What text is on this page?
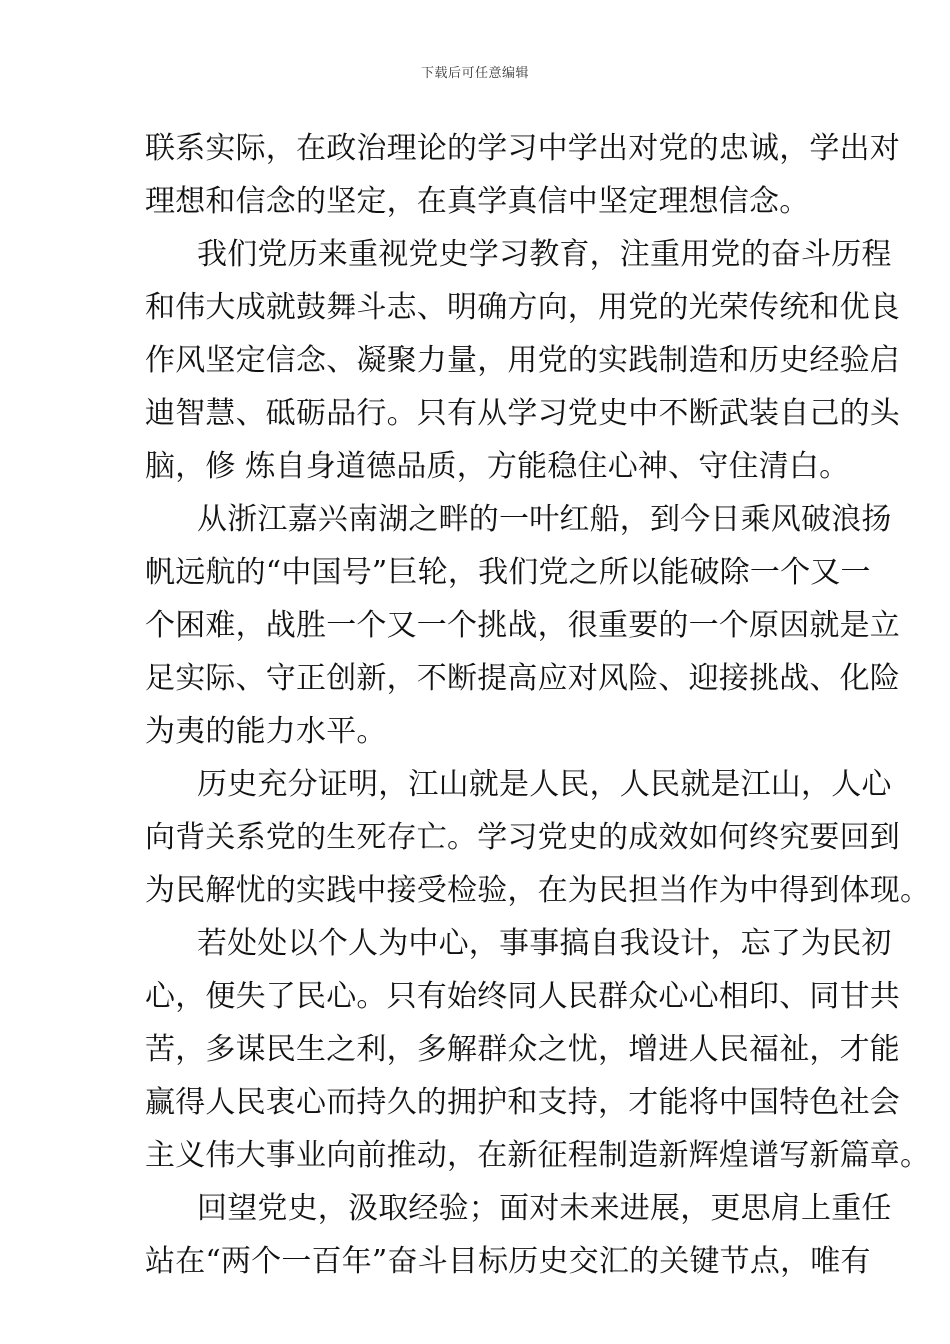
下载后可任意编辑
联系实际，在政治理论的学习中学出对党的忠诚，学出对
理想和信念的坚定，在真学真信中坚定理想信念。
我们党历来重视党史学习教育，注重用党的奋斗历程
和伟大成就鼓舞斗志、明确方向，用党的光荣传统和优良
作风坚定信念、凝聚力量，用党的实践制造和历史经验启
迪智慧、砥砺品行。只有从学习党史中不断武装自己的头
脑，修 炼自身道德品质，方能稳住心神、守住清白。
从浙江嘉兴南湖之畔的一叶红船，到今日乘风破浪扬
帆远航的“中国号”巨轮，我们党之所以能破除一个又一
个困难，战胜一个又一个挑战，很重要的一个原因就是立
足实际、守正创新，不断提高应对风险、迎接挑战、化险
为夷的能力水平。
历史充分证明，江山就是人民，人民就是江山，人心
向背关系党的生死存亡。学习党史的成效如何终究要回到
为民解忧的实践中接受检验，在为民担当作为中得到体现。
若处处以个人为中心，事事搞自我设计，忘了为民初
心，便失了民心。只有始终同人民群众心心相印、同甘共
苦，多谋民生之利，多解群众之忧，增进人民福祉，才能
赢得人民衷心而持久的拥护和支持，才能将中国特色社会
主义伟大事业向前推动，在新征程制造新辉煌谱写新篇章。
回望党史，汲取经验；面对未来进展，更思肩上重任
站在“两个一百年”奋斗目标历史交汇的关键节点，唯有
